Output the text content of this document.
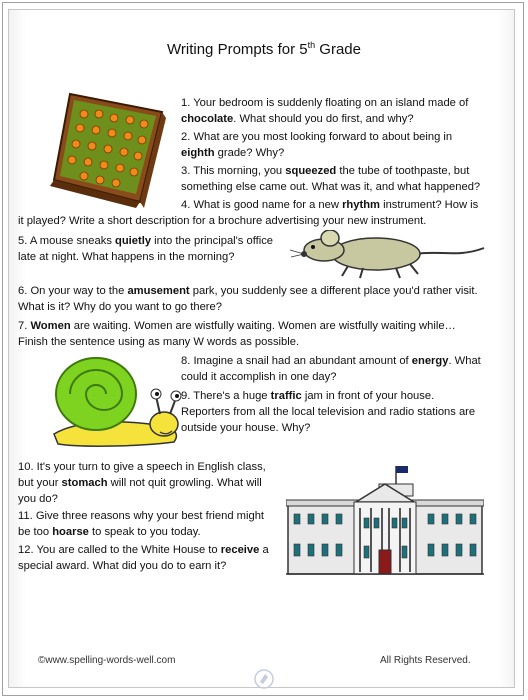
Writing Prompts for 5th Grade
1. Your bedroom is suddenly floating on an island made of chocolate. What should you do first, and why?
2. What are you most looking forward to about being in eighth grade? Why?
3. This morning, you squeezed the tube of toothpaste, but something else came out. What was it, and what happened?
4. What is good name for a new rhythm instrument? How is it played? Write a short description for a brochure advertising your new instrument.
5. A mouse sneaks quietly into the principal's office late at night. What happens in the morning?
6. On your way to the amusement park, you suddenly see a different place you'd rather visit. What is it? Why do you want to go there?
7. Women are waiting. Women are wistfully waiting. Women are wistfully waiting while… Finish the sentence using as many W words as possible.
8. Imagine a snail had an abundant amount of energy. What could it accomplish in one day?
9. There's a huge traffic jam in front of your house. Reporters from all the local television and radio stations are outside your house. Why?
10. It's your turn to give a speech in English class, but your stomach will not quit growling. What will you do?
11. Give three reasons why your best friend might be too hoarse to speak to you today.
12. You are called to the White House to receive a special award. What did you do to earn it?
©www.spelling-words-well.com	All Rights Reserved.
